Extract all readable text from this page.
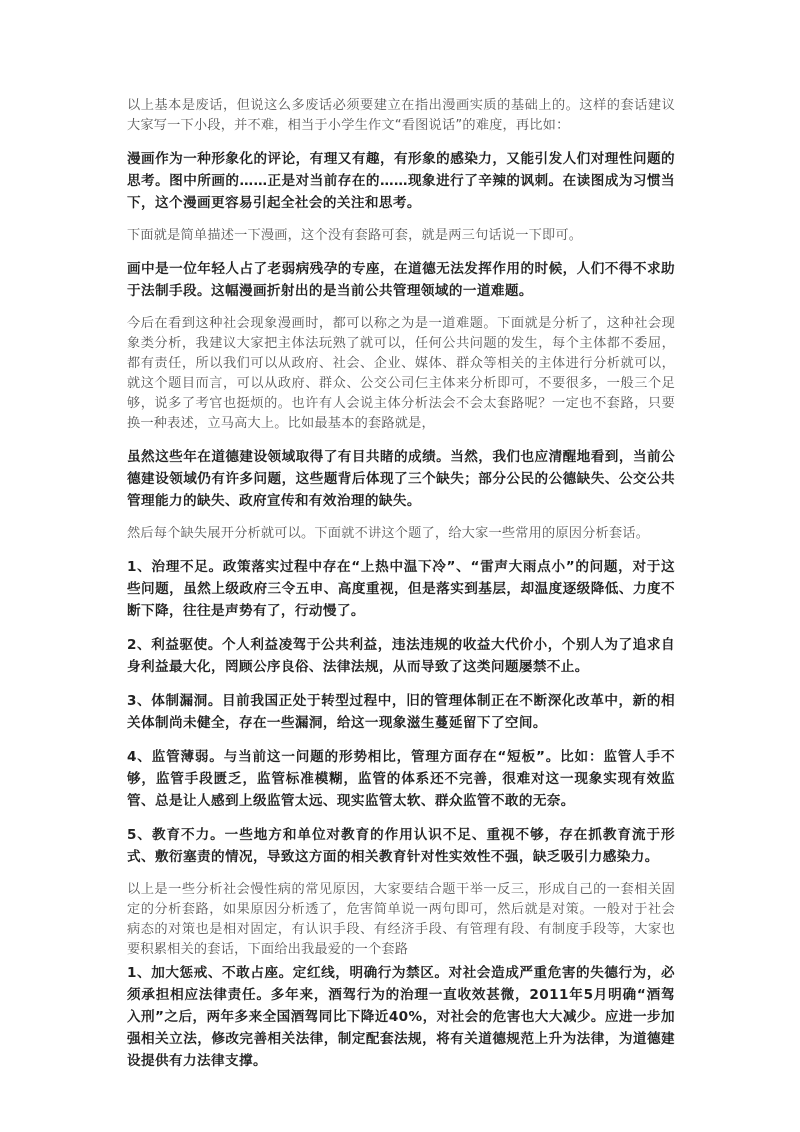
以上基本是废话，但说这么多废话必须要建立在指出漫画实质的基础上的。这样的套话建议大家写一下小段，并不难，相当于小学生作文“看图说话”的难度，再比如：

漫画作为一种形象化的评论，有理又有趣，有形象的感染力，又能引发人们对理性问题的思考。图中所画的……正是对当前存在的……现象进行了辛辣的讽刺。在读图成为习惯当下，这个漫画更容易引起全社会的关注和思考。

下面就是简单描述一下漫画，这个没有套路可套，就是两三句话说一下即可。

画中是一位年轻人占了老弱病残孕的专座，在道德无法发挥作用的时候，人们不得不求助于法制手段。这幅漫画折射出的是当前公共管理领域的一道难题。

今后在看到这种社会现象漫画时，都可以称之为是一道难题。下面就是分析了，这种社会现象类分析，我建议大家把主体法玩熟了就可以，任何公共问题的发生，每个主体都不委屈，都有责任，所以我们可以从政府、社会、企业、媒体、群众等相关的主体进行分析就可以，就这个题目而言，可以从政府、群众、公交公司仨主体来分析即可，不要很多，一般三个足够，说多了考官也挺烦的。也许有人会说主体分析法会不会太套路呢？一定也不套路，只要换一种表述，立马高大上。比如最基本的套路就是，

虽然这些年在道德建设领域取得了有目共睹的成绩。当然，我们也应清醒地看到，当前公德建设领域仍有许多问题，这些题背后体现了三个缺失；部分公民的公德缺失、公交公共管理能力的缺失、政府宣传和有效治理的缺失。

然后每个缺失展开分析就可以。下面就不讲这个题了，给大家一些常用的原因分析套话。

1、治理不足。政策落实过程中存在“上热中温下冷”、“雷声大雨点小”的问题，对于这些问题，虽然上级政府三令五申、高度重视，但是落实到基层，却温度逐级降低、力度不断下降，往往是声势有了，行动慢了。

2、利益驱使。个人利益凌驾于公共利益，违法违规的收益大代价小，个别人为了追求自身利益最大化，罔顾公序良俗、法律法规，从而导致了这类问题屡禁不止。

3、体制漏洞。目前我国正处于转型过程中，旧的管理体制正在不断深化改革中，新的相关体制尚未健全，存在一些漏洞，给这一现象滋生蔓延留下了空间。

4、监管薄弱。与当前这一问题的形势相比，管理方面存在“短板”。比如：监管人手不够，监管手段匮乏，监管标准模糊，监管的体系还不完善，很难对这一现象实现有效监管、总是让人感到上级监管太远、现实监管太软、群众监管不敢的无奈。

5、教育不力。一些地方和单位对教育的作用认识不足、重视不够，存在抓教育流于形式、敷衍塞责的情况，导致这方面的相关教育针对性实效性不强，缺乏吸引力感染力。

以上是一些分析社会慢性病的常见原因，大家要结合题干举一反三，形成自己的一套相关固定的分析套路，如果原因分析透了，危害简单说一两句即可，然后就是对策。一般对于社会病态的对策也是相对固定，有认识手段、有经济手段、有管理有段、有制度手段等，大家也要积累相关的套话，下面给出我最爱的一个套路

1、加大惩戒、不敢占座。定红线，明确行为禁区。对社会造成严重危害的失德行为，必须承担相应法律责任。多年来，酒驾行为的治理一直收效甚微，2011年5月明确“酒驾入刑”之后，两年多来全国酒驾同比下降近40%，对社会的危害也大大减少。应进一步加强相关立法，修改完善相关法律，制定配套法规，将有关道德规范上升为法律，为道德建设提供有力法律支撑。
